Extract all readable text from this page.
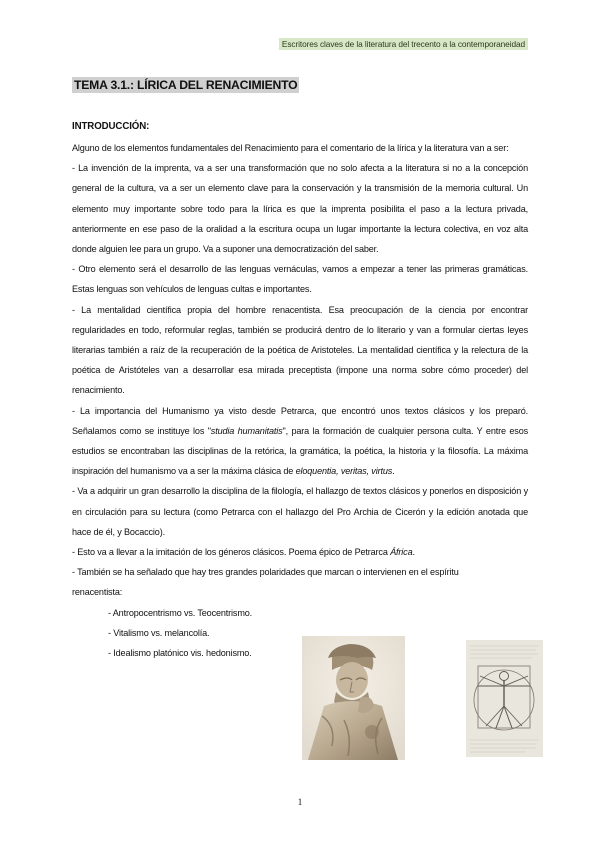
Escritores claves de la literatura del trecento a la contemporaneidad
TEMA 3.1.: LÍRICA DEL RENACIMIENTO
INTRODUCCIÓN:

Alguno de los elementos fundamentales del Renacimiento para el comentario de la lírica y la literatura van a ser:

- La invención de la imprenta, va a ser una transformación que no solo afecta a la literatura si no a la concepción general de la cultura, va a ser un elemento clave para la conservación y la transmisión de la memoria cultural. Un elemento muy importante sobre todo para la lírica es que la imprenta posibilita el paso a la lectura privada, anteriormente en ese paso de la oralidad a la escritura ocupa un lugar importante la lectura colectiva, en voz alta donde alguien lee para un grupo. Va a suponer una democratización del saber.

- Otro elemento será el desarrollo de las lenguas vernáculas, vamos a empezar a tener las primeras gramáticas. Estas lenguas son vehículos de lenguas cultas e importantes.

- La mentalidad científica propia del hombre renacentista. Esa preocupación de la ciencia por encontrar regularidades en todo, reformular reglas, también se producirá dentro de lo literario y van a formular ciertas leyes literarias también a raíz de la recuperación de la poética de Aristoteles. La mentalidad científica y la relectura de la poética de Aristóteles van a desarrollar esa mirada preceptista (impone una norma sobre cómo proceder) del renacimiento.

- La importancia del Humanismo ya visto desde Petrarca, que encontró unos textos clásicos y los preparó. Señalamos como se instituye los "studia humanitatis", para la formación de cualquier persona culta. Y entre esos estudios se encontraban las disciplinas de la retórica, la gramática, la poética, la historia y la filosofía. La máxima inspiración del humanismo va a ser la máxima clásica de eloquentia, veritas, virtus.

- Va a adquirir un gran desarrollo la disciplina de la filología, el hallazgo de textos clásicos y ponerlos en disposición y en circulación para su lectura (como Petrarca con el hallazgo del Pro Archia de Cicerón y la edición anotada que hace de él, y Bocaccio).

- Esto va a llevar a la imitación de los géneros clásicos. Poema épico de Petrarca África.

- También se ha señalado que hay tres grandes polaridades que marcan o intervienen en el espíritu renacentista:

- Antropocentrismo vs. Teocentrismo.
- Vitalismo vs. melancolía.
- Idealismo platónico vis. hedonismo.
1
